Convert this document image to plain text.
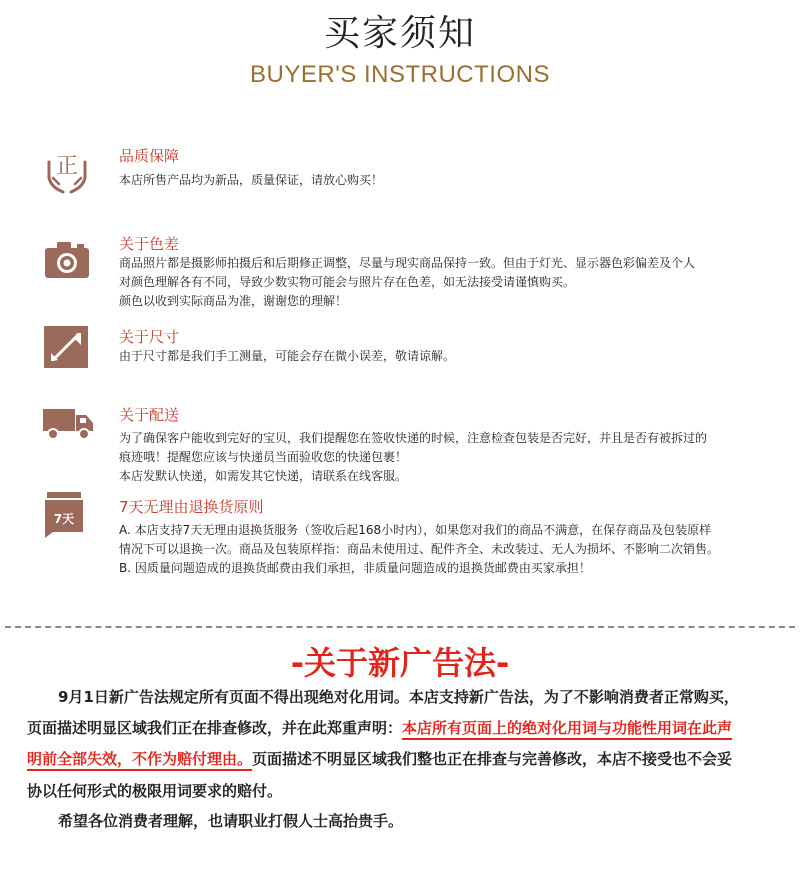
买家须知
BUYER'S INSTRUCTIONS
正	品质保障
本店所售产品均为新品，质量保证，请放心购买！
关于色差
商品照片都是摄影师拍摄后和后期修正调整，尽量与现实商品保持一致。但由于灯光、显示器色彩偏差及个人
对颜色理解各有不同，导致少数实物可能会与照片存在色差，如无法接受请谨慎购买。
颜色以收到实际商品为准，谢谢您的理解！
关于尺寸
由于尺寸都是我们手工测量，可能会存在微小误差，敬请谅解。
关于配送
为了确保客户能收到完好的宝贝，我们提醒您在签收快递的时候，注意检查包装是否完好，并且是否有被拆过的
痕迹哦！提醒您应该与快递员当面验收您的快递包裹！
本店发默认快递，如需发其它快递，请联系在线客服。
7天
7天无理由退换货原则
A. 本店支持7天无理由退换货服务（签收后起168小时内），如果您对我们的商品不满意，在保存商品及包装原样
情况下可以退换一次。商品及包装原样指：商品未使用过、配件齐全、未改装过、无人为损坏、不影响二次销售。
B. 因质量问题造成的退换货邮费由我们承担，非质量问题造成的退换货邮费由买家承担！
-关于新广告法-
9月1日新广告法规定所有页面不得出现绝对化用词。本店支持新广告法，为了不影响消费者正常购买，
页面描述明显区域我们正在排查修改，并在此郑重声明：本店所有页面上的绝对化用词与功能性用词在此声
明前全部失效，不作为赔付理由。页面描述不明显区域我们整也正在排查与完善修改，本店不接受也不会妥
协以任何形式的极限用词要求的赔付。
希望各位消费者理解，也请职业打假人士高抬贵手。
